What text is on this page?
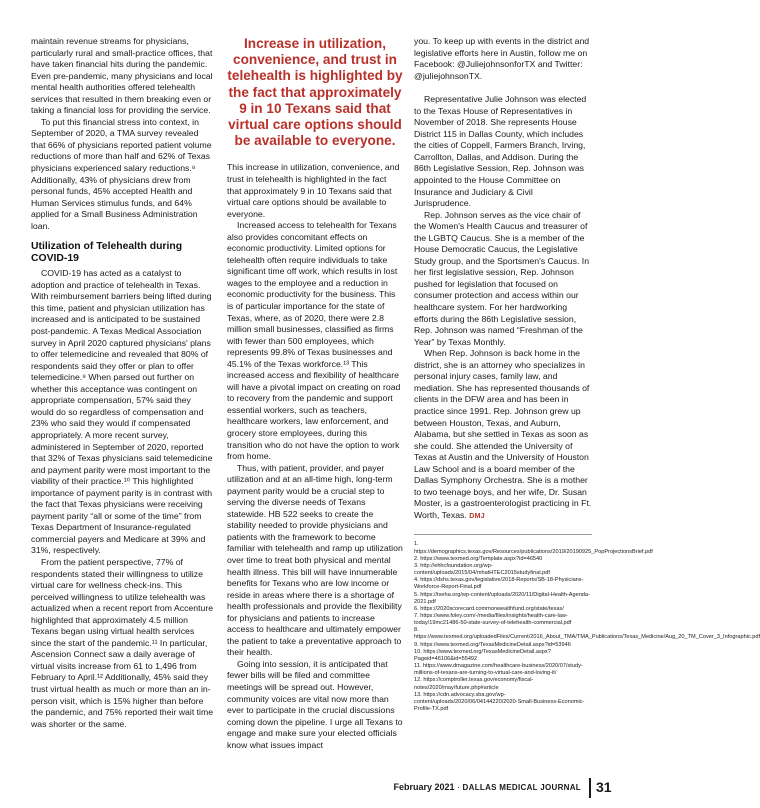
maintain revenue streams for physicians, particularly rural and small-practice offices, that have taken financial hits during the pandemic. Even pre-pandemic, many physicians and local mental health authorities offered telehealth services that resulted in them breaking even or taking a financial loss for providing the service.

To put this financial stress into context, in September of 2020, a TMA survey revealed that 66% of physicians reported patient volume reductions of more than half and 62% of Texas physicians experienced salary reductions.⁸ Additionally, 43% of physicians drew from personal funds, 45% accepted Health and Human Services stimulus funds, and 64% applied for a Small Business Administration loan.

Utilization of Telehealth during COVID-19

COVID-19 has acted as a catalyst to adoption and practice of telehealth in Texas. With reimbursement barriers being lifted during this time, patient and physician utilization has increased and is anticipated to be sustained post-pandemic. A Texas Medical Association survey in April 2020 captured physicians' plans to offer telemedicine and revealed that 80% of respondents said they offer or plan to offer telemedicine.⁹ When parsed out further on whether this acceptance was contingent on appropriate compensation, 57% said they would do so regardless of compensation and 23% who said they would if compensated appropriately. A more recent survey, administered in September of 2020, reported that 32% of Texas physicians said telemedicine and payment parity were most important to the viability of their practice.¹⁰ This highlighted importance of payment parity is in contrast with the fact that Texas physicians were receiving payment parity “all or some of the time” from Texas Department of Insurance-regulated commercial payers and Medicare at 39% and 31%, respectively.

From the patient perspective, 77% of respondents stated their willingness to utilize virtual care for wellness check-ins. This perceived willingness to utilize telehealth was actualized when a recent report from Accenture highlighted that approximately 4.5 million Texans began using virtual health services since the start of the pandemic.¹¹ In particular, Ascension Connect saw a daily average of virtual visits increase from 61 to 1,496 from February to April.¹² Additionally, 45% said they trust virtual health as much or more than an in-person visit, which is 15% higher than before the pandemic, and 75% reported their wait time was shorter or the same.

Increase in utilization, convenience, and trust in telehealth is highlighted by the fact that approximately 9 in 10 Texans said that virtual care options should be available to everyone.

This increase in utilization, convenience, and trust in telehealth is highlighted in the fact that approximately 9 in 10 Texans said that virtual care options should be available to everyone.

Increased access to telehealth for Texans also provides concomitant effects on economic productivity. Limited options for telehealth often require individuals to take significant time off work, which results in lost wages to the employee and a reduction in economic productivity for the business. This is of particular importance for the state of Texas, where, as of 2020, there were 2.8 million small businesses, classified as firms with fewer than 500 employees, which represents 99.8% of Texas businesses and 45.1% of the Texas workforce.¹³ This increased access and flexibility of healthcare will have a pivotal impact on creating on road to recovery from the pandemic and support essential workers, such as teachers, healthcare workers, law enforcement, and grocery store employees, during this transition who do not have the option to work from home.

Thus, with patient, provider, and payer utilization and at an all-time high, long-term payment parity would be a crucial step to serving the diverse needs of Texans statewide. HB 522 seeks to create the stability needed to provide physicians and patients with the framework to become familiar with telehealth and ramp up utilization over time to treat both physical and mental health illness. This bill will have innumerable benefits for Texans who are low income or reside in areas where there is a shortage of health professionals and provide the flexibility for physicians and patients to increase access to healthcare and ultimately empower the patient to take a preventative approach to their health.

Going into session, it is anticipated that fewer bills will be filed and committee meetings will be spread out. However, community voices are vital now more than ever to participate in the crucial discussions coming down the pipeline. I urge all Texans to engage and make sure your elected officials know what issues impact

you. To keep up with events in the district and legislative efforts here in Austin, follow me on Facebook: @JuliejohnsonforTX and Twitter: @juliejohnsonTX.

Representative Julie Johnson was elected to the Texas House of Representatives in November of 2018. She represents House District 115 in Dallas County, which includes the cities of Coppell, Farmers Branch, Irving, Carrollton, Dallas, and Addison. During the 86th Legislative Session, Rep. Johnson was appointed to the House Committee on Insurance and Judiciary & Civil Jurisprudence.

Rep. Johnson serves as the vice chair of the Women's Health Caucus and treasurer of the LGBTQ Caucus. She is a member of the House Democratic Caucus, the Legislative Study group, and the Sportsmen's Caucus. In her first legislative session, Rep. Johnson pushed for legislation that focused on consumer protection and access within our healthcare system. For her hardworking efforts during the 86th Legislative session, Rep. Johnson was named “Freshman of the Year” by Texas Monthly.

When Rep. Johnson is back home in the district, she is an attorney who specializes in personal injury cases, family law, and mediation. She has represented thousands of clients in the DFW area and has been in practice since 1991. Rep. Johnson grew up between Houston, Texas, and Auburn, Alabama, but she settled in Texas as soon as she could. She attended the University of Texas at Austin and the University of Houston Law School and is a board member of the Dallas Symphony Orchestra. She is a mother to two teenage boys, and her wife, Dr. Susan Moster, is a gastroenterologist practicing in Ft. Worth, Texas. DMJ

1. https://demographics.texas.gov/Resources/publications/2019/20190925_PopProjectionsBrief.pdf
2. https://www.texmed.org/Template.aspx?id=46540
3. http://ehhcfoundation.org/wp-content/uploads/2015/04/mhatHTEC2015studyfinal.pdf
4. https://dshs.texas.gov/legislative/2018-Reports/SB-18-Physicians-Workforce-Report-Final.pdf
5. https://txeha.org/wp-content/uploads/2020/11/Digital-Health-Agenda-2021.pdf
6. https://2020scorecard.commonwealthfund.org/state/texas/
7. https://www.foley.com/-/media/files/insights/health-care-law-today/19mc21486-50-state-survey-of-telehealth-commercial.pdf
8. https://www.texmed.org/uploadedFiles/Current/2016_About_TMA/TMA_Publications/Texas_Medicine/Aug_20_TM_Cover_3_Infographic.pdf
9. https://www.texmed.org/TexasMedicineDetail.aspx?id=53946
10. https://www.texmed.org/TexasMedicineDetail.aspx?Pageid=46106&id=55492
11. https://www.dmagazine.com/healthcare-business/2020/07/study-millions-of-texans-are-turning-to-virtual-care-and-loving-it/
12. https://comptroller.texas.gov/economy/fiscal-notes/2020/may/future.php#article
13. https://cdn.advocacy.sba.gov/wp-content/uploads/2020/06/04144220/2020-Small-Business-Economic-Profile-TX.pdf
February 2021 · DALLAS MEDICAL JOURNAL 31
